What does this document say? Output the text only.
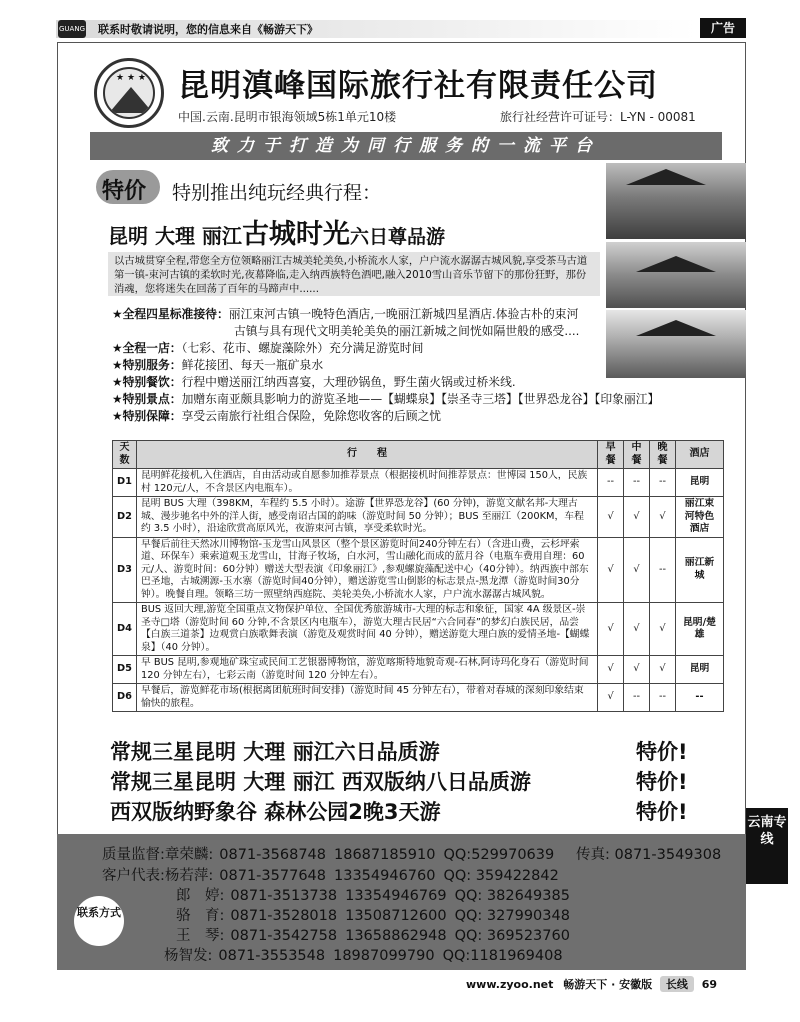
GUANG 联系时敬请说明，您的信息来自《畅游天下》	广告
★ ★ ★	昆明滇峰国际旅行社有限责任公司
中国.云南.昆明市银海领域5栋1单元10楼	旅行社经营许可证号：L-YN - 00081
致力于打造为同行服务的一流平台
特价 特别推出纯玩经典行程：
昆明 大理 丽江古城时光六日尊品游
以古城贯穿全程,带您全方位领略丽江古城美轮美奂,小桥流水人家，户户流水潺潺古城风貌,享受茶马古道第一镇-束河古镇的柔软时光,夜幕降临,走入纳西族特色酒吧,融入2010雪山音乐节留下的那份狂野，那份消魂，您将迷失在回荡了百年的马蹄声中......
★全程四星标准接待：丽江束河古镇一晚特色酒店,一晚丽江新城四星酒店.体验古朴的束河
古镇与具有现代文明美轮美奂的丽江新城之间恍如隔世般的感受....
★全程一店：（七彩、花市、螺旋藻除外）充分满足游览时间
★特别服务：鲜花接团、每天一瓶矿泉水
★特别餐饮：行程中赠送丽江纳西喜宴，大理砂锅鱼，野生菌火锅或过桥米线.
★特别景点：加赠东南亚颇具影响力的游览圣地——【蝴蝶泉】【崇圣寺三塔】【世界恐龙谷】【印象丽江】
★特别保障：享受云南旅行社组合保险，免除您收客的后顾之忧
天数	行　　程	早餐	中餐	晚餐	酒店
D1	昆明鲜花接机,入住酒店，自由活动或自愿参加推荐景点（根据接机时间推荐景点：世博园 150人，民族村 120元/人，不含景区内电瓶车）。	--	--	--	昆明
D2	昆明 BUS 大理（398KM，车程约 5.5 小时）。途游【世界恐龙谷】(60 分钟)，游览文献名邦-大理古城、漫步驰名中外的洋人街，感受南诏古国的韵味（游览时间 50 分钟）；BUS 至丽江（200KM，车程约 3.5 小时），沿途欣赏高原风光，夜游束河古镇，享受柔软时光。	√	√	√	丽江束河特色酒店
D3	早餐后前往天然冰川博物馆-玉龙雪山风景区（整个景区游览时间240分钟左右）（含进山费，云杉坪索道、环保车）乘索道观玉龙雪山，甘海子牧场，白水河，雪山融化而成的蓝月谷（电瓶车费用自理：60元/人、游览时间：60分钟）赠送大型表演《印象丽江》,参观螺旋藻配送中心（40分钟）。纳西族中部东巴圣地，古城溯源-玉水寨（游览时间40分钟），赠送游览雪山倒影的标志景点-黑龙潭（游览时间30分钟）。晚餐自理。领略三坊一照壁纳西庭院、美轮美奂,小桥流水人家，户户流水潺潺古城风貌。	√	√	--	丽江新城
D4	BUS 返回大理,游览全国重点文物保护单位、全国优秀旅游城市-大理的标志和象征，国家 4A 级景区-崇圣寺□塔（游览时间 60 分钟,不含景区内电瓶车），游览大理古民居“六合同春”的梦幻白族民居，品尝【白族三道茶】边观赏白族歌舞表演（游览及观赏时间 40 分钟），赠送游览大理白族的爱情圣地-【蝴蝶泉】（40 分钟）。	√	√	√	昆明/楚雄
D5	早 BUS 昆明,参观地矿珠宝或民间工艺银器博物馆，游览喀斯特地貌奇观-石林,阿诗玛化身石（游览时间 120 分钟左右），七彩云南（游览时间 120 分钟左右）。	√	√	√	昆明
D6	早餐后，游览鲜花市场(根据离团航班时间安排)（游览时间 45 分钟左右），带着对春城的深刻印象结束愉快的旅程。	√	--	--	--
常规三星昆明 大理 丽江六日品质游	特价!
常规三星昆明 大理 丽江 西双版纳八日品质游	特价!
西双版纳野象谷 森林公园2晚3天游	特价!
联系方式
质量监督:章荣麟: 0871-3568748 18687185910 QQ:529970639 传真: 0871-3549308
客户代表:杨若萍: 0871-3577648 13354946760 QQ: 359422842
郎　婷: 0871-3513738 13354946769 QQ: 382649385
骆　育: 0871-3528018 13508712600 QQ: 327990348
王　琴: 0871-3542758 13658862948 QQ: 369523760
杨智发: 0871-3553548 18987099790 QQ:1181969408
云南专线
www.zyoo.net 畅游天下 · 安徽版 长线 69
